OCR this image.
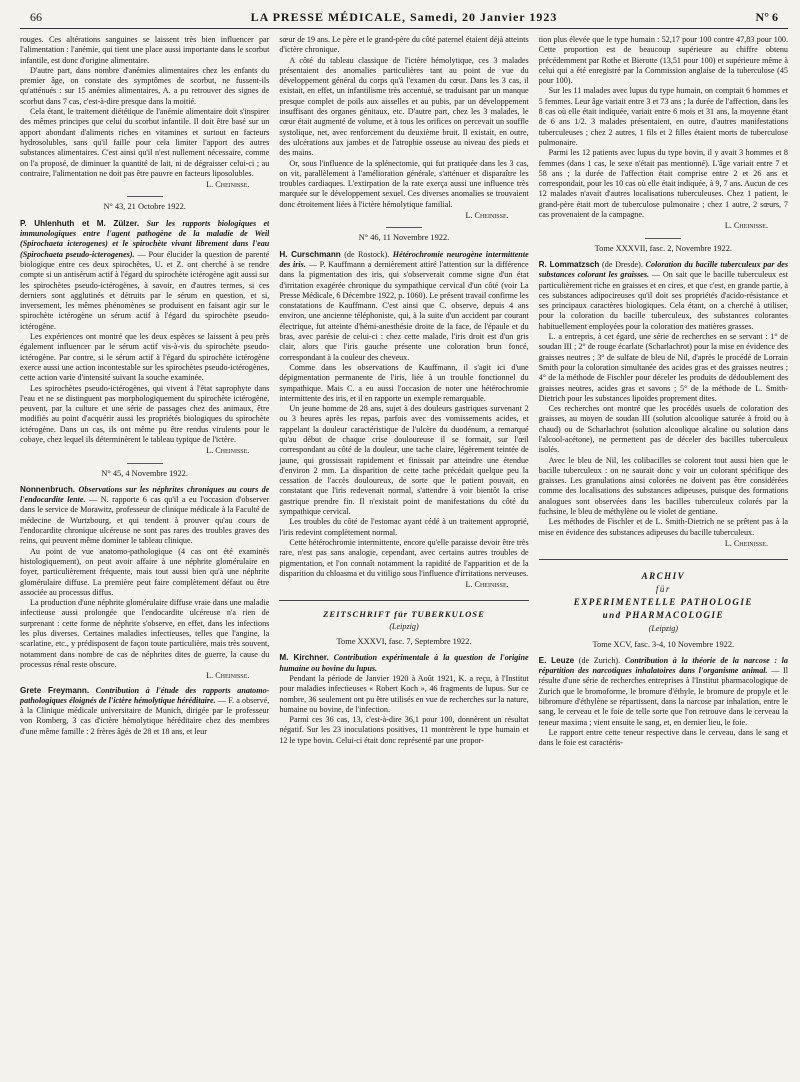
66	LA PRESSE MÉDICALE, Samedi, 20 Janvier 1923	N° 6

rouges. Ces altérations sanguines se laissent très bien influencer par l'alimentation : l'anémie, qui tient une place aussi importante dans le scorbut infantile, est donc d'origine alimentaire.

D'autre part, dans nombre d'anémies alimentaires chez les enfants du premier âge, on constate des symptômes de scorbut, ne fussent-ils qu'atténués : sur 15 anémies alimentaires, A. a pu retrouver des signes de scorbut dans 7 cas, c'est-à-dire presque dans la moitié.

Cela étant, le traitement diététique de l'anémie alimentaire doit s'inspirer des mêmes principes que celui du scorbut infantile. Il doit être basé sur un apport abondant d'aliments riches en vitamines et surtout en facteurs hydrosolubles, sans qu'il faille pour cela limiter l'apport des autres substances alimentaires. C'est ainsi qu'il n'est nullement nécessaire, comme on l'a proposé, de diminuer la quantité de lait, ni de dégraisser celui-ci ; au contraire, l'alimentation ne doit pas être pauvre en facteurs liposolubles.

L. Cheinisse.
N° 43, 21 Octobre 1922.

P. Uhlenhuth et M. Zülzer. Sur les rapports biologiques et immunologiques entre l'agent pathogène de la maladie de Weil (Spirochaeta icterogenes) et le spirochète vivant librement dans l'eau (Spirochaeta pseudo-icterogenes). — Pour élucider la question de parenté biologique entre ces deux spirochètes, U. et Z. ont cherché à se rendre compte si un antisérum actif à l'égard du spirochète ictérogène agit aussi sur les spirochètes pseudo-ictérogènes, à savoir, en d'autres termes, si ces derniers sont agglutinés et détruits par le sérum en question, et si, inversement, les mêmes phénomènes se produisent en faisant agir sur le spirochète ictérogène un sérum actif à l'égard du spirochète pseudo-ictérogène.

Les expériences ont montré que les deux espèces se laissent à peu près également influencer par le sérum actif vis-à-vis du spirochète pseudo-ictérogène. Par contre, si le sérum actif à l'égard du spirochète ictérogène exerce aussi une action incontestable sur les spirochètes pseudo-ictérogènes, cette action varie d'intensité suivant la souche examinée.

Les spirochètes pseudo-ictérogènes, qui vivent à l'état saprophyte dans l'eau et ne se distinguent pas morphologiquement du spirochète ictérogène, peuvent, par la culture et une série de passages chez des animaux, être modifiés au point d'acquérir aussi les propriétés biologiques du spirochète ictérogène. Dans un cas, ils ont même pu être rendus virulents pour le cobaye, chez lequel ils déterminèrent le tableau typique de l'ictère.

L. Cheinisse.
N° 45, 4 Novembre 1922.

Nonnenbruch. Observations sur les néphrites chroniques au cours de l'endocardite lente. — N. rapporte 6 cas qu'il a eu l'occasion d'observer dans le service de Morawitz, professeur de clinique médicale à la Faculté de médecine de Wurtzbourg, et qui tendent à prouver qu'au cours de l'endocardite chronique ulcéreuse ne sont pas rares des troubles graves des reins, qui peuvent même dominer le tableau clinique.

Au point de vue anatomo-pathologique (4 cas ont été examinés histologiquement), on peut avoir affaire à une néphrite glomérulaire en foyer, particulièrement fréquente, mais tout aussi bien qu'à une néphrite glomérulaire diffuse. La première peut faire complètement défaut ou être associée au processus diffus.

La production d'une néphrite glomérulaire diffuse vraie dans une maladie infectieuse aussi prolongée que l'endocardite ulcéreuse n'a rien de surprenant : cette forme de néphrite s'observe, en effet, dans les infections les plus diverses. Certaines maladies infectieuses, telles que l'angine, la scarlatine, etc., y prédisposent de façon toute particulière, mais très souvent, notamment dans nombre de cas de néphrites dites de guerre, la cause du processus rénal reste obscure.

L. Cheinisse.

Grete Freymann. Contribution à l'étude des rapports anatomo-pathologiques éloignés de l'ictère hémolytique héréditaire. — F. a observé, à la Clinique médicale universitaire de Munich, dirigée par le professeur von Romberg, 3 cas d'ictère hémolytique héréditaire chez des membres d'une même famille : 2 frères âgés de 28 et 18 ans, et leur

sœur de 19 ans. Le père et le grand-père du côté paternel étaient déjà atteints d'ictère chronique.

A côté du tableau classique de l'ictère hémolytique, ces 3 malades présentaient des anomalies particulières tant au point de vue du développement général du corps qu'à l'examen du cœur. Dans les 3 cas, il existait, en effet, un infantilisme très accentué, se traduisant par un manque presque complet de poils aux aisselles et au pubis, par un développement insuffisant des organes génitaux, etc. D'autre part, chez les 3 malades, le cœur était augmenté de volume, et à tous les orifices on percevait un souffle systolique, net, avec renforcement du deuxième bruit. Il existait, en outre, des ulcérations aux jambes et de l'atrophie osseuse au niveau des pieds et des mains.

Or, sous l'influence de la splénectomie, qui fut pratiquée dans les 3 cas, on vit, parallèlement à l'amélioration générale, s'atténuer et disparaître les troubles cardiaques. L'extirpation de la rate exerça aussi une influence très marquée sur le développement sexuel. Ces diverses anomalies se trouvaient donc étroitement liées à l'ictère hémolytique familial.

L. Cheinisse.
N° 46, 11 Novembre 1922.

H. Curschmann (de Rostock). Hétérochromie neurogène intermittente des iris. — P. Kauffmann a dernièrement attiré l'attention sur la différence dans la pigmentation des iris, qui s'observerait comme signe d'un état d'irritation exagérée chronique du sympathique cervical d'un côté (voir La Presse Médicale, 6 Décembre 1922, p. 1060). Le présent travail confirme les constatations de Kauffmann. C'est ainsi que C. observe, depuis 4 ans environ, une ancienne téléphoniste, qui, à la suite d'un accident par courant électrique, fut atteinte d'hémi-anesthésie droite de la face, de l'épaule et du bras, avec parésie de celui-ci : chez cette malade, l'iris droit est d'un gris clair, alors que l'iris gauche présente une coloration brun foncé, correspondant à la couleur des cheveux.

Comme dans les observations de Kauffmann, il s'agit ici d'une dépigmentation permanente de l'iris, liée à un trouble fonctionnel du sympathique. Mais C. a eu aussi l'occasion de noter une hétérochromie intermittente des iris, et il en rapporte un exemple remarquable.

Un jeune homme de 28 ans, sujet à des douleurs gastriques survenant 2 ou 3 heures après les repas, parfois avec des vomissements acides, et rappelant la douleur caractéristique de l'ulcère du duodénum, a remarqué qu'au début de chaque crise douloureuse il se formait, sur l'œil correspondant au côté de la douleur, une tache claire, légèrement teintée de jaune, qui grossissait rapidement et finissait par atteindre une étendue d'environ 2 mm. La disparition de cette tache précédait quelque peu la cessation de l'accès douloureux, de sorte que le patient pouvait, en constatant que l'iris redevenait normal, s'attendre à voir bientôt la crise gastrique prendre fin. Il n'existait point de manifestations du côté du sympathique cervical.

Les troubles du côté de l'estomac ayant cédé à un traitement approprié, l'iris redevint complètement normal.

Cette hétérochromie intermittente, encore qu'elle paraisse devoir être très rare, n'est pas sans analogie, cependant, avec certains autres troubles de pigmentation, et l'on connaît notamment la rapidité de l'apparition et de la disparition du chloasma et du vitiligo sous l'influence d'irritations nerveuses.

L. Cheinisse.
ZEITSCHRIFT für TUBERKULOSE
(Leipzig)
Tome XXXVI, fasc. 7, Septembre 1922.

M. Kirchner. Contribution expérimentale à la question de l'origine humaine ou bovine du lupus.

Pendant la période de Janvier 1920 à Août 1921, K. a reçu, à l'Institut pour maladies infectieuses « Robert Koch », 46 fragments de lupus. Sur ce nombre, 36 seulement ont pu être utilisés en vue de recherches sur la nature, humaine ou bovine, de l'infection.

Parmi ces 36 cas, 13, c'est-à-dire 36,1 pour 100, donnèrent un résultat négatif. Sur les 23 inoculations positives, 11 montrèrent le type humain et 12 le type bovin. Celui-ci était donc représenté par une propor-

tion plus élevée que le type humain : 52,17 pour 100 contre 47,83 pour 100. Cette proportion est de beaucoup supérieure au chiffre obtenu précédemment par Rothe et Bierotte (13,51 pour 100) et supérieure même à celui qui a été enregistré par la Commission anglaise de la tuberculose (45 pour 100).

Sur les 11 malades avec lupus du type humain, on comptait 6 hommes et 5 femmes. Leur âge variait entre 3 et 73 ans ; la durée de l'affection, dans les 8 cas où elle était indiquée, variait entre 6 mois et 31 ans, la moyenne étant de 6 ans 1/2. 3 malades présentaient, en outre, d'autres manifestations tuberculeuses ; chez 2 autres, 1 fils et 2 filles étaient morts de tuberculose pulmonaire.

Parmi les 12 patients avec lupus du type bovin, il y avait 3 hommes et 8 femmes (dans 1 cas, le sexe n'était pas mentionné). L'âge variait entre 7 et 58 ans ; la durée de l'affection était comprise entre 2 et 26 ans et correspondait, pour les 10 cas où elle était indiquée, à 9, 7 ans. Aucun de ces 12 malades n'avait d'autres localisations tuberculeuses. Chez 1 patient, le grand-père était mort de tuberculose pulmonaire ; chez 1 autre, 2 sœurs, 7 cas provenaient de la campagne.

L. Cheinisse.
Tome XXXVII, fasc. 2, Novembre 1922.

R. Lommatzsch (de Dresde). Coloration du bacille tuberculeux par des substances colorant les graisses. — On sait que le bacille tuberculeux est particulièrement riche en graisses et en cires, et que c'est, en grande partie, à ces substances adipocireuses qu'il doit ses propriétés d'acido-résistance et ses principaux caractères biologiques. Cela étant, on a cherché à utiliser, pour la coloration du bacille tuberculeux, des substances colorantes habituellement employées pour la coloration des matières grasses.

L. a entrepris, à cet égard, une série de recherches en se servant : 1° de soudan III ; 2° de rouge écarlate (Scharlachrot) pour la mise en évidence des graisses neutres ; 3° de sulfate de bleu de Nil, d'après le procédé de Lorrain Smith pour la coloration simultanée des acides gras et des graisses neutres ; 4° de la méthode de Fischler pour déceler les produits de dédoublement des graisses neutres, acides gras et savons ; 5° de la méthode de L. Smith-Dietrich pour les substances lipoïdes proprement dites.

Ces recherches ont montré que les procédés usuels de coloration des graisses, au moyen de soudan III (solution alcoolique saturée à froid ou à chaud) ou de Scharlachrot (solution alcoolique alcaline ou solution dans l'alcool-acétone), ne permettent pas de déceler des bacilles tuberculeux isolés.

Avec le bleu de Nil, les colibacilles se colorent tout aussi bien que le bacille tuberculeux : on ne saurait donc y voir un colorant spécifique des graisses. Les granulations ainsi colorées ne doivent pas être considérées comme des localisations des substances adipeuses, puisque des formations analogues sont observées dans les bacilles tuberculeux colorés par la fuchsine, le bleu de méthylène ou le violet de gentiane.

Les méthodes de Fischler et de L. Smith-Dietrich ne se prêtent pas à la mise en évidence des substances adipeuses du bacille tuberculeux.

L. Cheinisse.
ARCHIV
für
EXPERIMENTELLE PATHOLOGIE
und PHARMACOLOGIE
(Leipzig)
Tome XCV, fasc. 3-4, 10 Novembre 1922.

E. Leuze (de Zurich). Contribution à la théorie de la narcose : la répartition des narcotiques inhalatoires dans l'organisme animal. — Il résulte d'une série de recherches entreprises à l'Institut pharmacologique de Zurich que le bromoforme, le bromure d'éthyle, le bromure de propyle et le bibromure d'éthylène se répartissent, dans la narcose par inhalation, entre le sang, le cerveau et le foie de telle sorte que l'on retrouve dans le cerveau la teneur maxima ; vient ensuite le sang, et, en dernier lieu, le foie.

Le rapport entre cette teneur respective dans le cerveau, dans le sang et dans le foie est caractéris-
